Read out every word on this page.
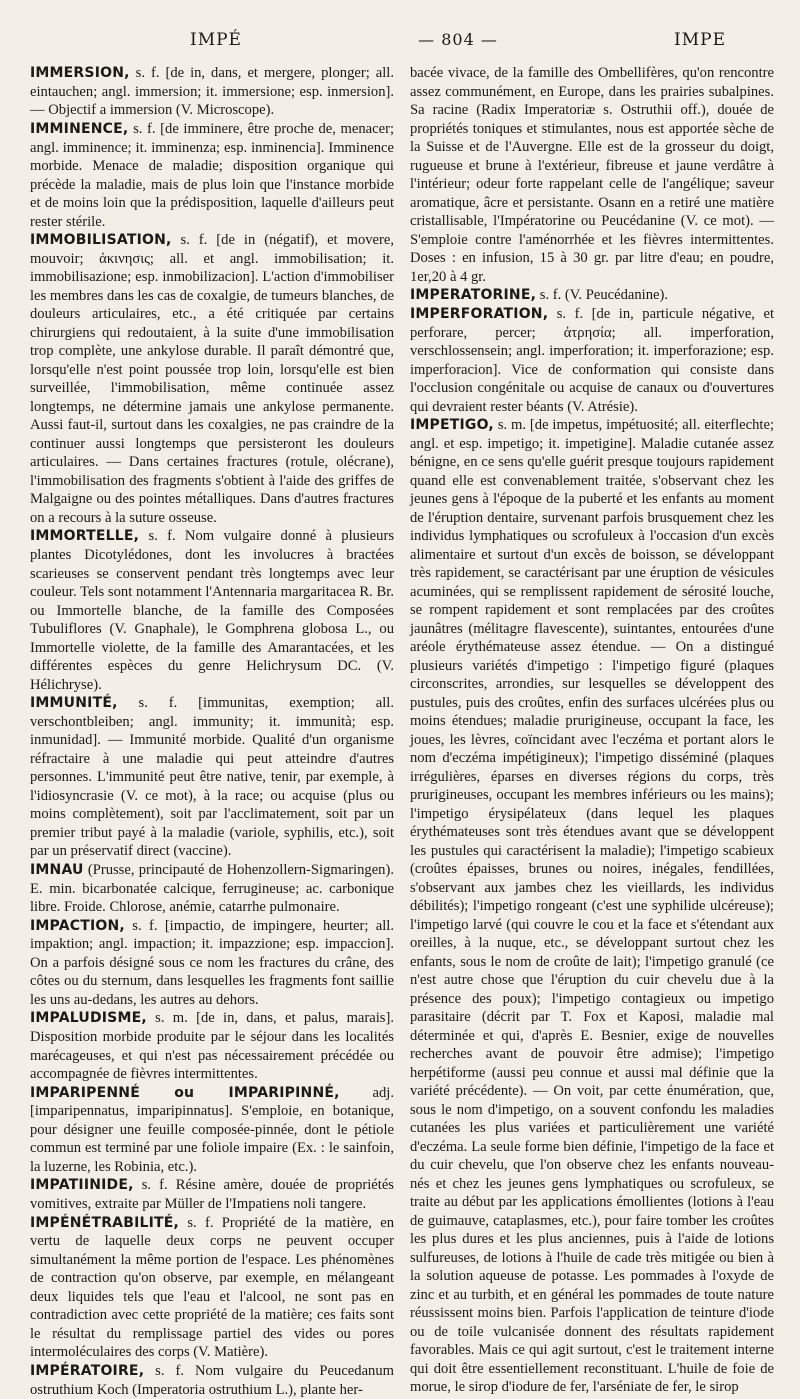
IMPÉ	— 804 —	IMPE

IMMERSION, s. f. [de in, dans, et mergere, plonger; all. eintauchen; angl. immersion; it. immersione; esp. inmersion]. — Objectif a immersion (V. Microscope).

IMMINENCE, s. f. [de imminere, être proche de, menacer; angl. imminence; it. imminenza; esp. inminencia]. Imminence morbide. Menace de maladie; disposition organique qui précède la maladie, mais de plus loin que l'instance morbide et de moins loin que la prédisposition, laquelle d'ailleurs peut rester stérile.

IMMOBILISATION, s. f. [de in (négatif), et movere, mouvoir; ἀκινησις; all. et angl. immobilisation; it. immobilisazione; esp. inmobilizacion]. L'action d'immobiliser les membres dans les cas de coxalgie, de tumeurs blanches, de douleurs articulaires, etc., a été critiquée par certains chirurgiens qui redoutaient, à la suite d'une immobilisation trop complète, une ankylose durable. Il paraît démontré que, lorsqu'elle n'est point poussée trop loin, lorsqu'elle est bien surveillée, l'immobilisation, même continuée assez longtemps, ne détermine jamais une ankylose permanente. Aussi faut-il, surtout dans les coxalgies, ne pas craindre de la continuer aussi longtemps que persisteront les douleurs articulaires. — Dans certaines fractures (rotule, olécrane), l'immobilisation des fragments s'obtient à l'aide des griffes de Malgaigne ou des pointes métalliques. Dans d'autres fractures on a recours à la suture osseuse.

IMMORTELLE, s. f. Nom vulgaire donné à plusieurs plantes Dicotylédones, dont les involucres à bractées scarieuses se conservent pendant très longtemps avec leur couleur. Tels sont notamment l'Antennaria margaritacea R. Br. ou Immortelle blanche, de la famille des Composées Tubuliflores (V. Gnaphale), le Gomphrena globosa L., ou Immortelle violette, de la famille des Amarantacées, et les différentes espèces du genre Helichrysum DC. (V. Hélichryse).

IMMUNITÉ, s. f. [immunitas, exemption; all. verschontbleiben; angl. immunity; it. immunità; esp. inmunidad]. — Immunité morbide. Qualité d'un organisme réfractaire à une maladie qui peut atteindre d'autres personnes. L'immunité peut être native, tenir, par exemple, à l'idiosyncrasie (V. ce mot), à la race; ou acquise (plus ou moins complètement), soit par l'acclimatement, soit par un premier tribut payé à la maladie (variole, syphilis, etc.), soit par un préservatif direct (vaccine).

IMNAU (Prusse, principauté de Hohenzollern-Sigmaringen). E. min. bicarbonatée calcique, ferrugineuse; ac. carbonique libre. Froide. Chlorose, anémie, catarrhe pulmonaire.

IMPACTION, s. f. [impactio, de impingere, heurter; all. impaktion; angl. impaction; it. impazzione; esp. impaccion]. On a parfois désigné sous ce nom les fractures du crâne, des côtes ou du sternum, dans lesquelles les fragments font saillie les uns au-dedans, les autres au dehors.

IMPALUDISME, s. m. [de in, dans, et palus, marais]. Disposition morbide produite par le séjour dans les localités marécageuses, et qui n'est pas nécessairement précédée ou accompagnée de fièvres intermittentes.

IMPARIPENNÉ ou IMPARIPINNÉ, adj. [imparipennatus, imparipinnatus]. S'emploie, en botanique, pour désigner une feuille composée-pinnée, dont le pétiole commun est terminé par une foliole impaire (Ex. : le sainfoin, la luzerne, les Robinia, etc.).

IMPATIINIDE, s. f. Résine amère, douée de propriétés vomitives, extraite par Müller de l'Impatiens noli tangere.

IMPÉNÉTRABILITÉ, s. f. Propriété de la matière, en vertu de laquelle deux corps ne peuvent occuper simultanément la même portion de l'espace. Les phénomènes de contraction qu'on observe, par exemple, en mélangeant deux liquides tels que l'eau et l'alcool, ne sont pas en contradiction avec cette propriété de la matière; ces faits sont le résultat du remplissage partiel des vides ou pores intermoléculaires des corps (V. Matière).

IMPÉRATOIRE, s. f. Nom vulgaire du Peucedanum ostruthium Koch (Imperatoria ostruthium L.), plante her-

bacée vivace, de la famille des Ombellifères, qu'on rencontre assez communément, en Europe, dans les prairies subalpines. Sa racine (Radix Imperatoriæ s. Ostruthii off.), douée de propriétés toniques et stimulantes, nous est apportée sèche de la Suisse et de l'Auvergne. Elle est de la grosseur du doigt, rugueuse et brune à l'extérieur, fibreuse et jaune verdâtre à l'intérieur; odeur forte rappelant celle de l'angélique; saveur aromatique, âcre et persistante. Osann en a retiré une matière cristallisable, l'Impératorine ou Peucédanine (V. ce mot). — S'emploie contre l'aménorrhée et les fièvres intermittentes. Doses : en infusion, 15 à 30 gr. par litre d'eau; en poudre, 1er,20 à 4 gr.

IMPERATORINE, s. f. (V. Peucédanine).

IMPERFORATION, s. f. [de in, particule négative, et perforare, percer; ἀτρησία; all. imperforation, verschlossensein; angl. imperforation; it. imperforazione; esp. imperforacion]. Vice de conformation qui consiste dans l'occlusion congénitale ou acquise de canaux ou d'ouvertures qui devraient rester béants (V. Atrésie).

IMPETIGO, s. m. [de impetus, impétuosité; all. eiterflechte; angl. et esp. impetigo; it. impetigine]. Maladie cutanée assez bénigne, en ce sens qu'elle guérit presque toujours rapidement quand elle est convenablement traitée, s'observant chez les jeunes gens à l'époque de la puberté et les enfants au moment de l'éruption dentaire, survenant parfois brusquement chez les individus lymphatiques ou scrofuleux à l'occasion d'un excès alimentaire et surtout d'un excès de boisson, se développant très rapidement, se caractérisant par une éruption de vésicules acuminées, qui se remplissent rapidement de sérosité louche, se rompent rapidement et sont remplacées par des croûtes jaunâtres (mélitagre flavescente), suintantes, entourées d'une aréole érythémateuse assez étendue. — On a distingué plusieurs variétés d'impetigo : l'impetigo figuré (plaques circonscrites, arrondies, sur lesquelles se développent des pustules, puis des croûtes, enfin des surfaces ulcérées plus ou moins étendues; maladie prurigineuse, occupant la face, les joues, les lèvres, coïncidant avec l'eczéma et portant alors le nom d'eczéma impétigineux); l'impetigo disséminé (plaques irrégulières, éparses en diverses régions du corps, très prurigineuses, occupant les membres inférieurs ou les mains); l'impetigo érysipélateux (dans lequel les plaques érythémateuses sont très étendues avant que se développent les pustules qui caractérisent la maladie); l'impetigo scabieux (croûtes épaisses, brunes ou noires, inégales, fendillées, s'observant aux jambes chez les vieillards, les individus débilités); l'impetigo rongeant (c'est une syphilide ulcéreuse); l'impetigo larvé (qui couvre le cou et la face et s'étendant aux oreilles, à la nuque, etc., se développant surtout chez les enfants, sous le nom de croûte de lait); l'impetigo granulé (ce n'est autre chose que l'éruption du cuir chevelu due à la présence des poux); l'impetigo contagieux ou impetigo parasitaire (décrit par T. Fox et Kaposi, maladie mal déterminée et qui, d'après E. Besnier, exige de nouvelles recherches avant de pouvoir être admise); l'impetigo herpétiforme (aussi peu connue et aussi mal définie que la variété précédente). — On voit, par cette énumération, que, sous le nom d'impetigo, on a souvent confondu les maladies cutanées les plus variées et particulièrement une variété d'eczéma. La seule forme bien définie, l'impetigo de la face et du cuir chevelu, que l'on observe chez les enfants nouveau-nés et chez les jeunes gens lymphatiques ou scrofuleux, se traite au début par les applications émollientes (lotions à l'eau de guimauve, cataplasmes, etc.), pour faire tomber les croûtes les plus dures et les plus anciennes, puis à l'aide de lotions sulfureuses, de lotions à l'huile de cade très mitigée ou bien à la solution aqueuse de potasse. Les pommades à l'oxyde de zinc et au turbith, et en général les pommades de toute nature réussissent moins bien. Parfois l'application de teinture d'iode ou de toile vulcanisée donnent des résultats rapidement favorables. Mais ce qui agit surtout, c'est le traitement interne qui doit être essentiellement reconstituant. L'huile de foie de morue, le sirop d'iodure de fer, l'arséniate de fer, le sirop
